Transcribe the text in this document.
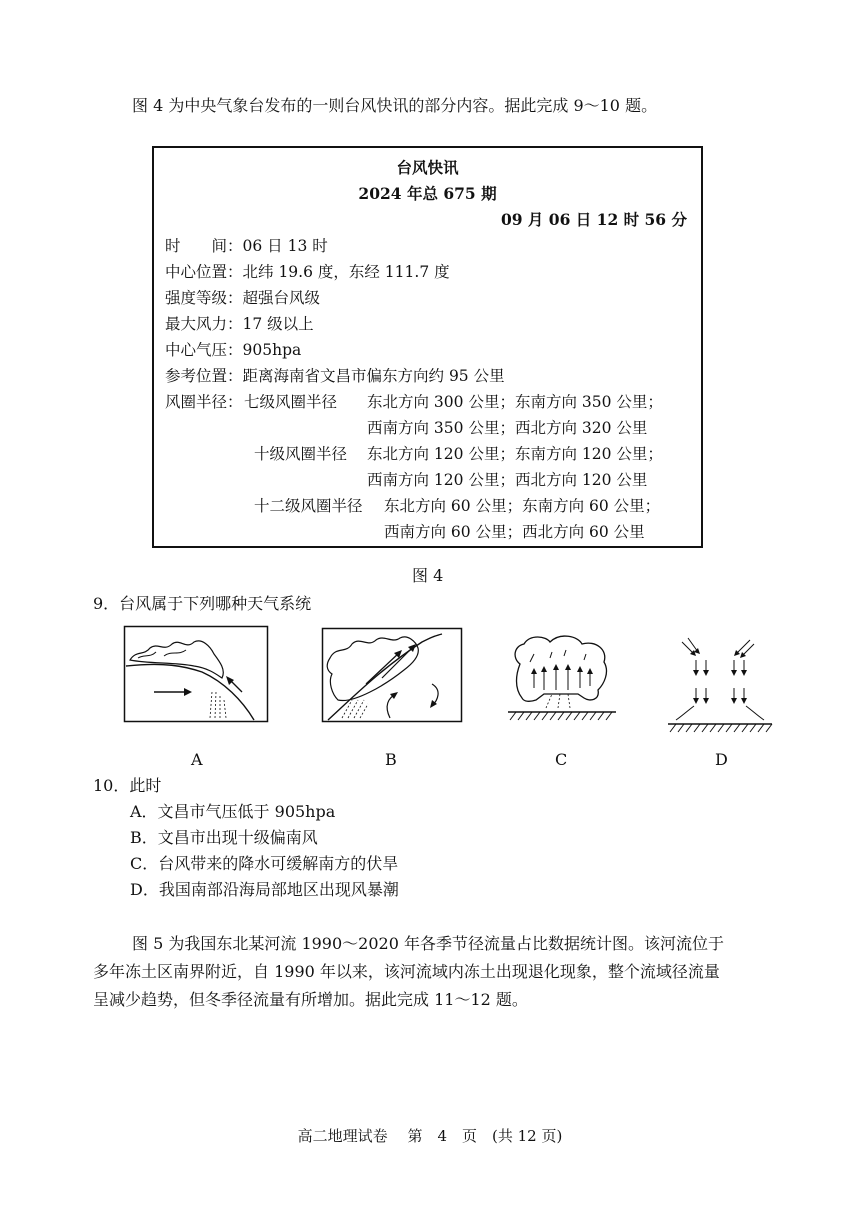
图 4 为中央气象台发布的一则台风快讯的部分内容。据此完成 9～10 题。
台风快讯
2024 年总 675 期
09 月 06 日 12 时 56 分
时　　间：06 日 13 时
中心位置：北纬 19.6 度，东经 111.7 度
强度等级：超强台风级
最大风力：17 级以上
中心气压：905hpa
参考位置：距离海南省文昌市偏东方向约 95 公里
风圈半径： 七级风圈半径 东北方向 300 公里；东南方向 350 公里；
西南方向 350 公里；西北方向 320 公里
十级风圈半径 东北方向 120 公里；东南方向 120 公里；
西南方向 120 公里；西北方向 120 公里
十二级风圈半径 东北方向 60 公里；东南方向 60 公里；
西南方向 60 公里；西北方向 60 公里
图 4
9．台风属于下列哪种天气系统
A	B	C	D
10．此时
A．文昌市气压低于 905hpa
B．文昌市出现十级偏南风
C．台风带来的降水可缓解南方的伏旱
D．我国南部沿海局部地区出现风暴潮
图 5 为我国东北某河流 1990～2020 年各季节径流量占比数据统计图。该河流位于
多年冻土区南界附近，自 1990 年以来，该河流域内冻土出现退化现象，整个流域径流量
呈减少趋势，但冬季径流量有所增加。据此完成 11～12 题。
高二地理试卷　 第　4　页　(共 12 页)
